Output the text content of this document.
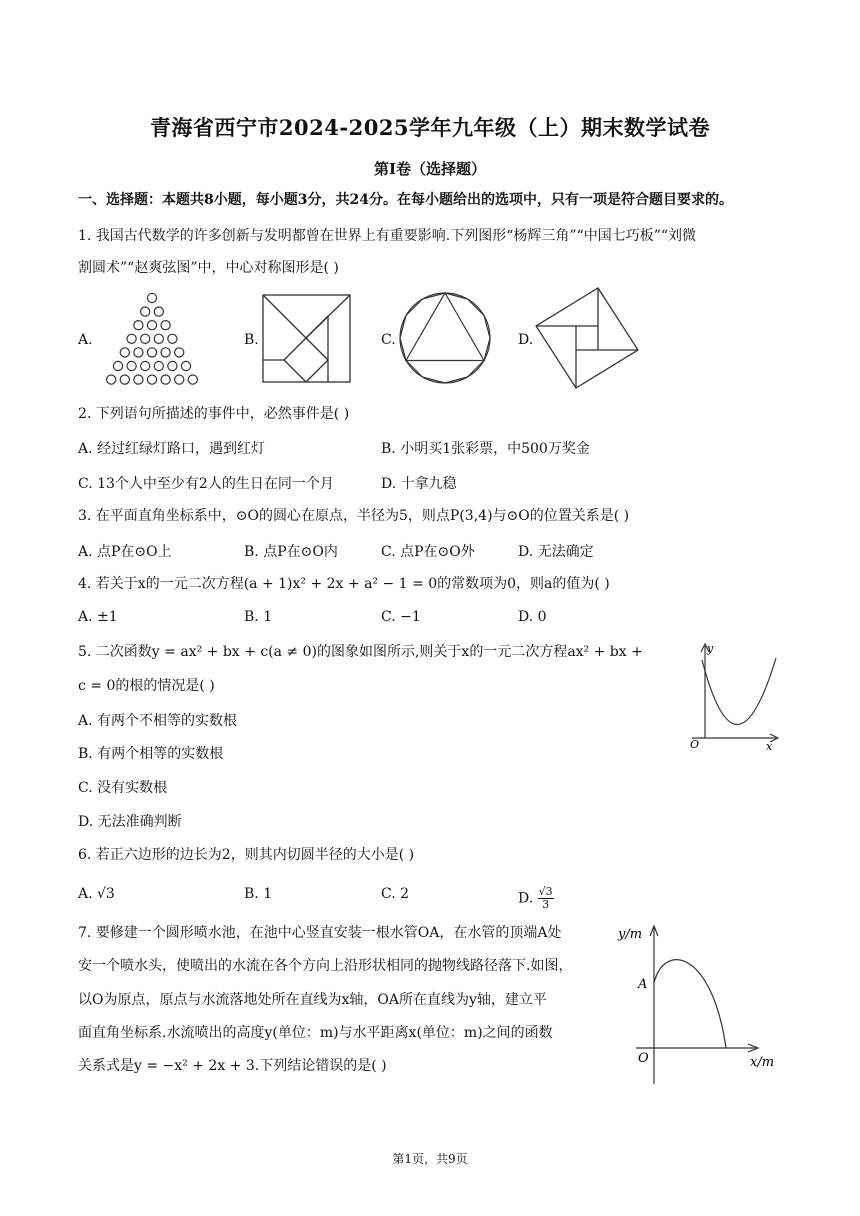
青海省西宁市2024-2025学年九年级（上）期末数学试卷
第Ⅰ卷（选择题）
一、选择题：本题共8小题，每小题3分，共24分。在每小题给出的选项中，只有一项是符合题目要求的。
1. 我国古代数学的许多创新与发明都曾在世界上有重要影响.下列图形“杨辉三角”“中国七巧板”“刘微
割圆术”“赵爽弦图”中，中心对称图形是( )
A.	B.	C.	D.
2. 下列语句所描述的事件中，必然事件是( )
A. 经过红绿灯路口，遇到红灯	B. 小明买1张彩票，中500万奖金
C. 13个人中至少有2人的生日在同一个月	D. 十拿九稳
3. 在平面直角坐标系中，⊙O的圆心在原点，半径为5，则点P(3,4)与⊙O的位置关系是( )
A. 点P在⊙O上	B. 点P在⊙O内	C. 点P在⊙O外	D. 无法确定
4. 若关于x的一元二次方程(a + 1)x² + 2x + a² − 1 = 0的常数项为0，则a的值为( )
A. ±1	B. 1	C. −1	D. 0
5. 二次函数y = ax² + bx + c(a ≠ 0)的图象如图所示,则关于x的一元二次方程ax² + bx +
c = 0的根的情况是( )
A. 有两个不相等的实数根
B. 有两个相等的实数根
C. 没有实数根
D. 无法准确判断
y
x
O
6. 若正六边形的边长为2，则其内切圆半径的大小是( )
A. √3	B. 1	C. 2	D. $\frac{√3}{3}$
7. 要修建一个圆形喷水池，在池中心竖直安装一根水管OA，在水管的顶端A处
安一个喷水头，使喷出的水流在各个方向上沿形状相同的抛物线路径落下.如图，
以O为原点，原点与水流落地处所在直线为x轴，OA所在直线为y轴，建立平
面直角坐标系.水流喷出的高度y(单位：m)与水平距离x(单位：m)之间的函数
关系式是y = −x² + 2x + 3.下列结论错误的是( )
y/m
x/m
A
O
第1页，共9页
